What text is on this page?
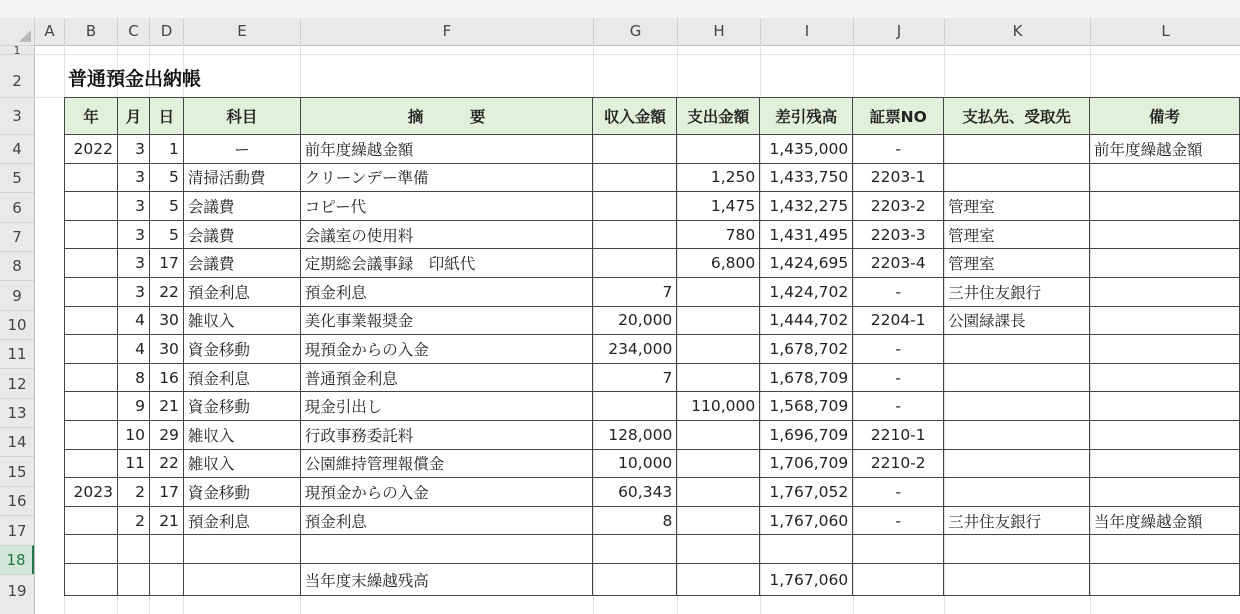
A	B	C	D	E	F	G	H	I	J	K	L
1
2
3
4
5
6
7
8
9
10
11
12
13
14
15
16
17
18
19
普通預金出納帳
年	月	日	科目	摘　　　要	収入金額	支出金額	差引残高	証票NO	支払先、受取先	備考
2022	3	1	ー	前年度繰越金額			1,435,000	-		前年度繰越金額
	3	5	清掃活動費	クリーンデー準備		1,250	1,433,750	2203-1		
	3	5	会議費	コピー代		1,475	1,432,275	2203-2	管理室	
	3	5	会議費	会議室の使用料		780	1,431,495	2203-3	管理室	
	3	17	会議費	定期総会議事録　印紙代		6,800	1,424,695	2203-4	管理室	
	3	22	預金利息	預金利息	7		1,424,702	-	三井住友銀行	
	4	30	雑収入	美化事業報奨金	20,000		1,444,702	2204-1	公園緑課長	
	4	30	資金移動	現預金からの入金	234,000		1,678,702	-		
	8	16	預金利息	普通預金利息	7		1,678,709	-		
	9	21	資金移動	現金引出し		110,000	1,568,709	-		
	10	29	雑収入	行政事務委託料	128,000		1,696,709	2210-1		
	11	22	雑収入	公園維持管理報償金	10,000		1,706,709	2210-2		
2023	2	17	資金移動	現預金からの入金	60,343		1,767,052	-		
	2	21	預金利息	預金利息	8		1,767,060	-	三井住友銀行	当年度繰越金額

				当年度末繰越残高			1,767,060			
